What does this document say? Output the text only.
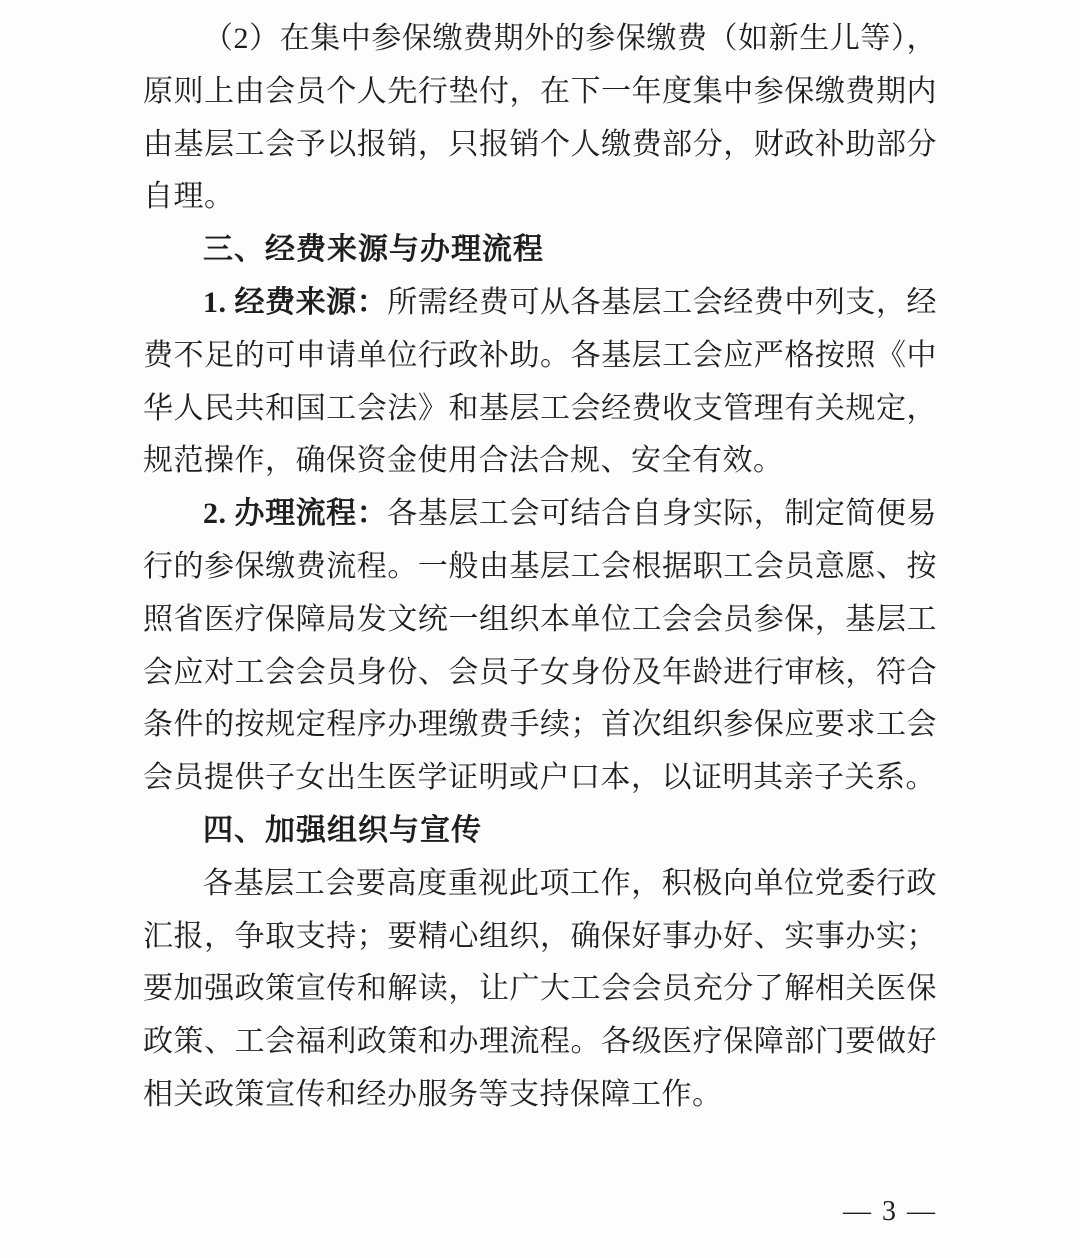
（2）在集中参保缴费期外的参保缴费（如新生儿等），原则上由会员个人先行垫付，在下一年度集中参保缴费期内由基层工会予以报销，只报销个人缴费部分，财政补助部分自理。

三、经费来源与办理流程

1. 经费来源：所需经费可从各基层工会经费中列支，经费不足的可申请单位行政补助。各基层工会应严格按照《中华人民共和国工会法》和基层工会经费收支管理有关规定，规范操作，确保资金使用合法合规、安全有效。

2. 办理流程：各基层工会可结合自身实际，制定简便易行的参保缴费流程。一般由基层工会根据职工会员意愿、按照省医疗保障局发文统一组织本单位工会会员参保，基层工会应对工会会员身份、会员子女身份及年龄进行审核，符合条件的按规定程序办理缴费手续；首次组织参保应要求工会会员提供子女出生医学证明或户口本，以证明其亲子关系。

四、加强组织与宣传

各基层工会要高度重视此项工作，积极向单位党委行政汇报，争取支持；要精心组织，确保好事办好、实事办实；要加强政策宣传和解读，让广大工会会员充分了解相关医保政策、工会福利政策和办理流程。各级医疗保障部门要做好相关政策宣传和经办服务等支持保障工作。

— 3 —
